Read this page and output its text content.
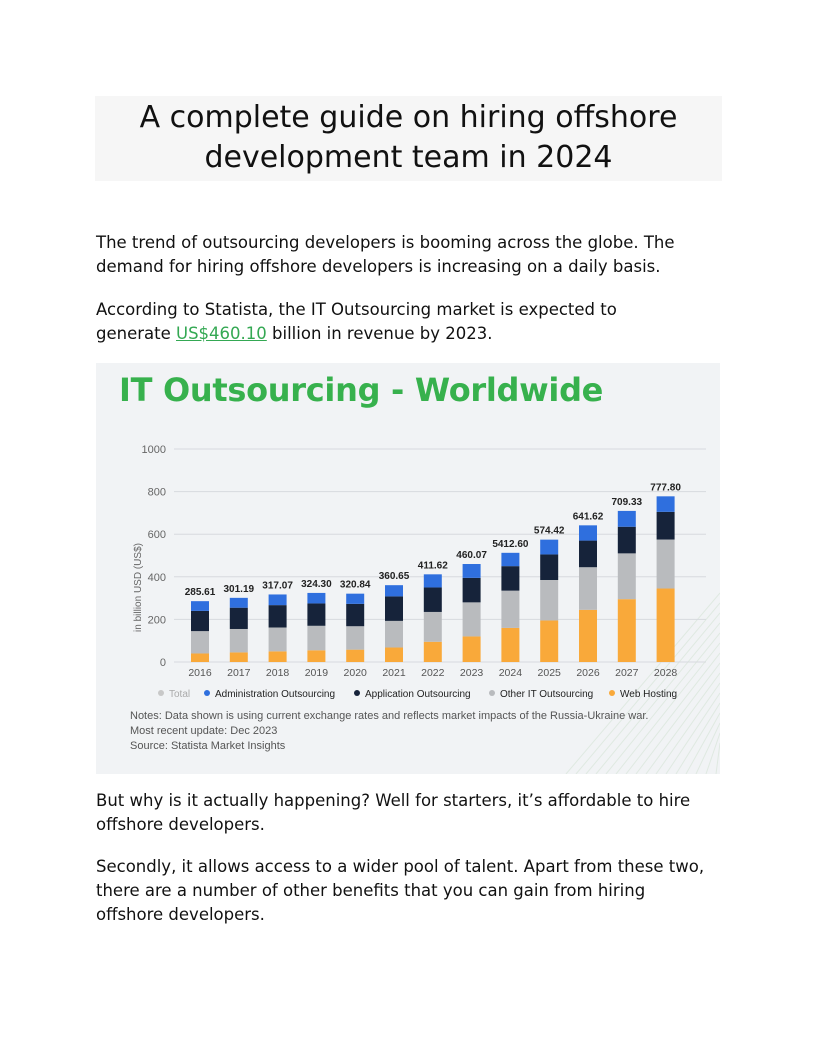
A complete guide on hiring offshore
development team in 2024
The trend of outsourcing developers is booming across the globe. The demand for hiring offshore developers is increasing on a daily basis.
According to Statista, the IT Outsourcing market is expected to generate US$460.10 billion in revenue by 2023.
IT Outsourcing - Worldwide
0
200
400
600
800
1000
in billion USD (US$)	285.61
2016
301.19
2017
317.07
2018
324.30
2019
320.84
2020
360.65
2021
411.62
2022
460.07
2023
5412.60
2024
574.42
2025
641.62
2026
709.33
2027
777.80
2028
Total Administration Outsourcing	Application Outsourcing	Other IT Outsourcing	Web Hosting
Notes: Data shown is using current exchange rates and reflects market impacts of the Russia-Ukraine war.
Most recent update: Dec 2023
Source: Statista Market Insights
But why is it actually happening? Well for starters, it’s affordable to hire offshore developers.
Secondly, it allows access to a wider pool of talent. Apart from these two, there are a number of other benefits that you can gain from hiring offshore developers.
